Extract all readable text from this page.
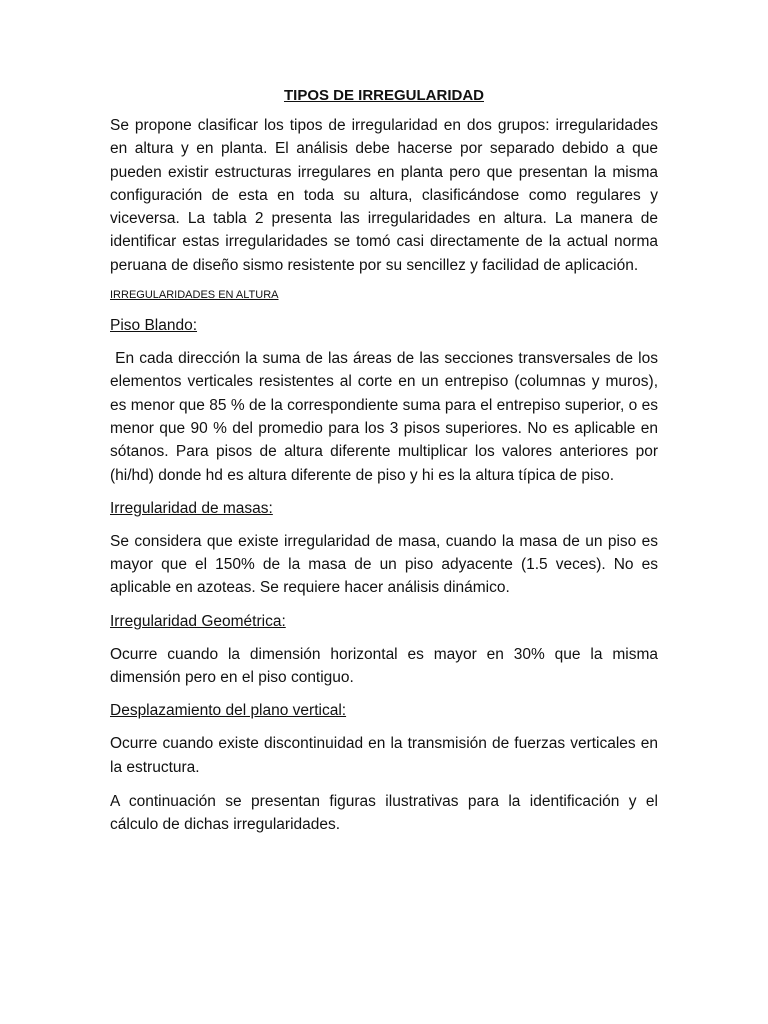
TIPOS DE IRREGULARIDAD

Se propone clasificar los tipos de irregularidad en dos grupos: irregularidades en altura y en planta. El análisis debe hacerse por separado debido a que pueden existir estructuras irregulares en planta pero que presentan la misma configuración de esta en toda su altura, clasificándose como regulares y viceversa. La tabla 2 presenta las irregularidades en altura. La manera de identificar estas irregularidades se tomó casi directamente de la actual norma peruana de diseño sismo resistente por su sencillez y facilidad de aplicación.

IRREGULARIDADES EN ALTURA
Piso Blando:

En cada dirección la suma de las áreas de las secciones transversales de los elementos verticales resistentes al corte en un entrepiso (columnas y muros), es menor que 85 % de la correspondiente suma para el entrepiso superior, o es menor que 90 % del promedio para los 3 pisos superiores. No es aplicable en sótanos. Para pisos de altura diferente multiplicar los valores anteriores por (hi/hd) donde hd es altura diferente de piso y hi es la altura típica de piso.

Irregularidad de masas:

Se considera que existe irregularidad de masa, cuando la masa de un piso es mayor que el 150% de la masa de un piso adyacente (1.5 veces). No es aplicable en azoteas. Se requiere hacer análisis dinámico.

Irregularidad Geométrica:

Ocurre cuando la dimensión horizontal es mayor en 30% que la misma dimensión pero en el piso contiguo.

Desplazamiento del plano vertical:

Ocurre cuando existe discontinuidad en la transmisión de fuerzas verticales en la estructura.

A continuación se presentan figuras ilustrativas para la identificación y el cálculo de dichas irregularidades.
